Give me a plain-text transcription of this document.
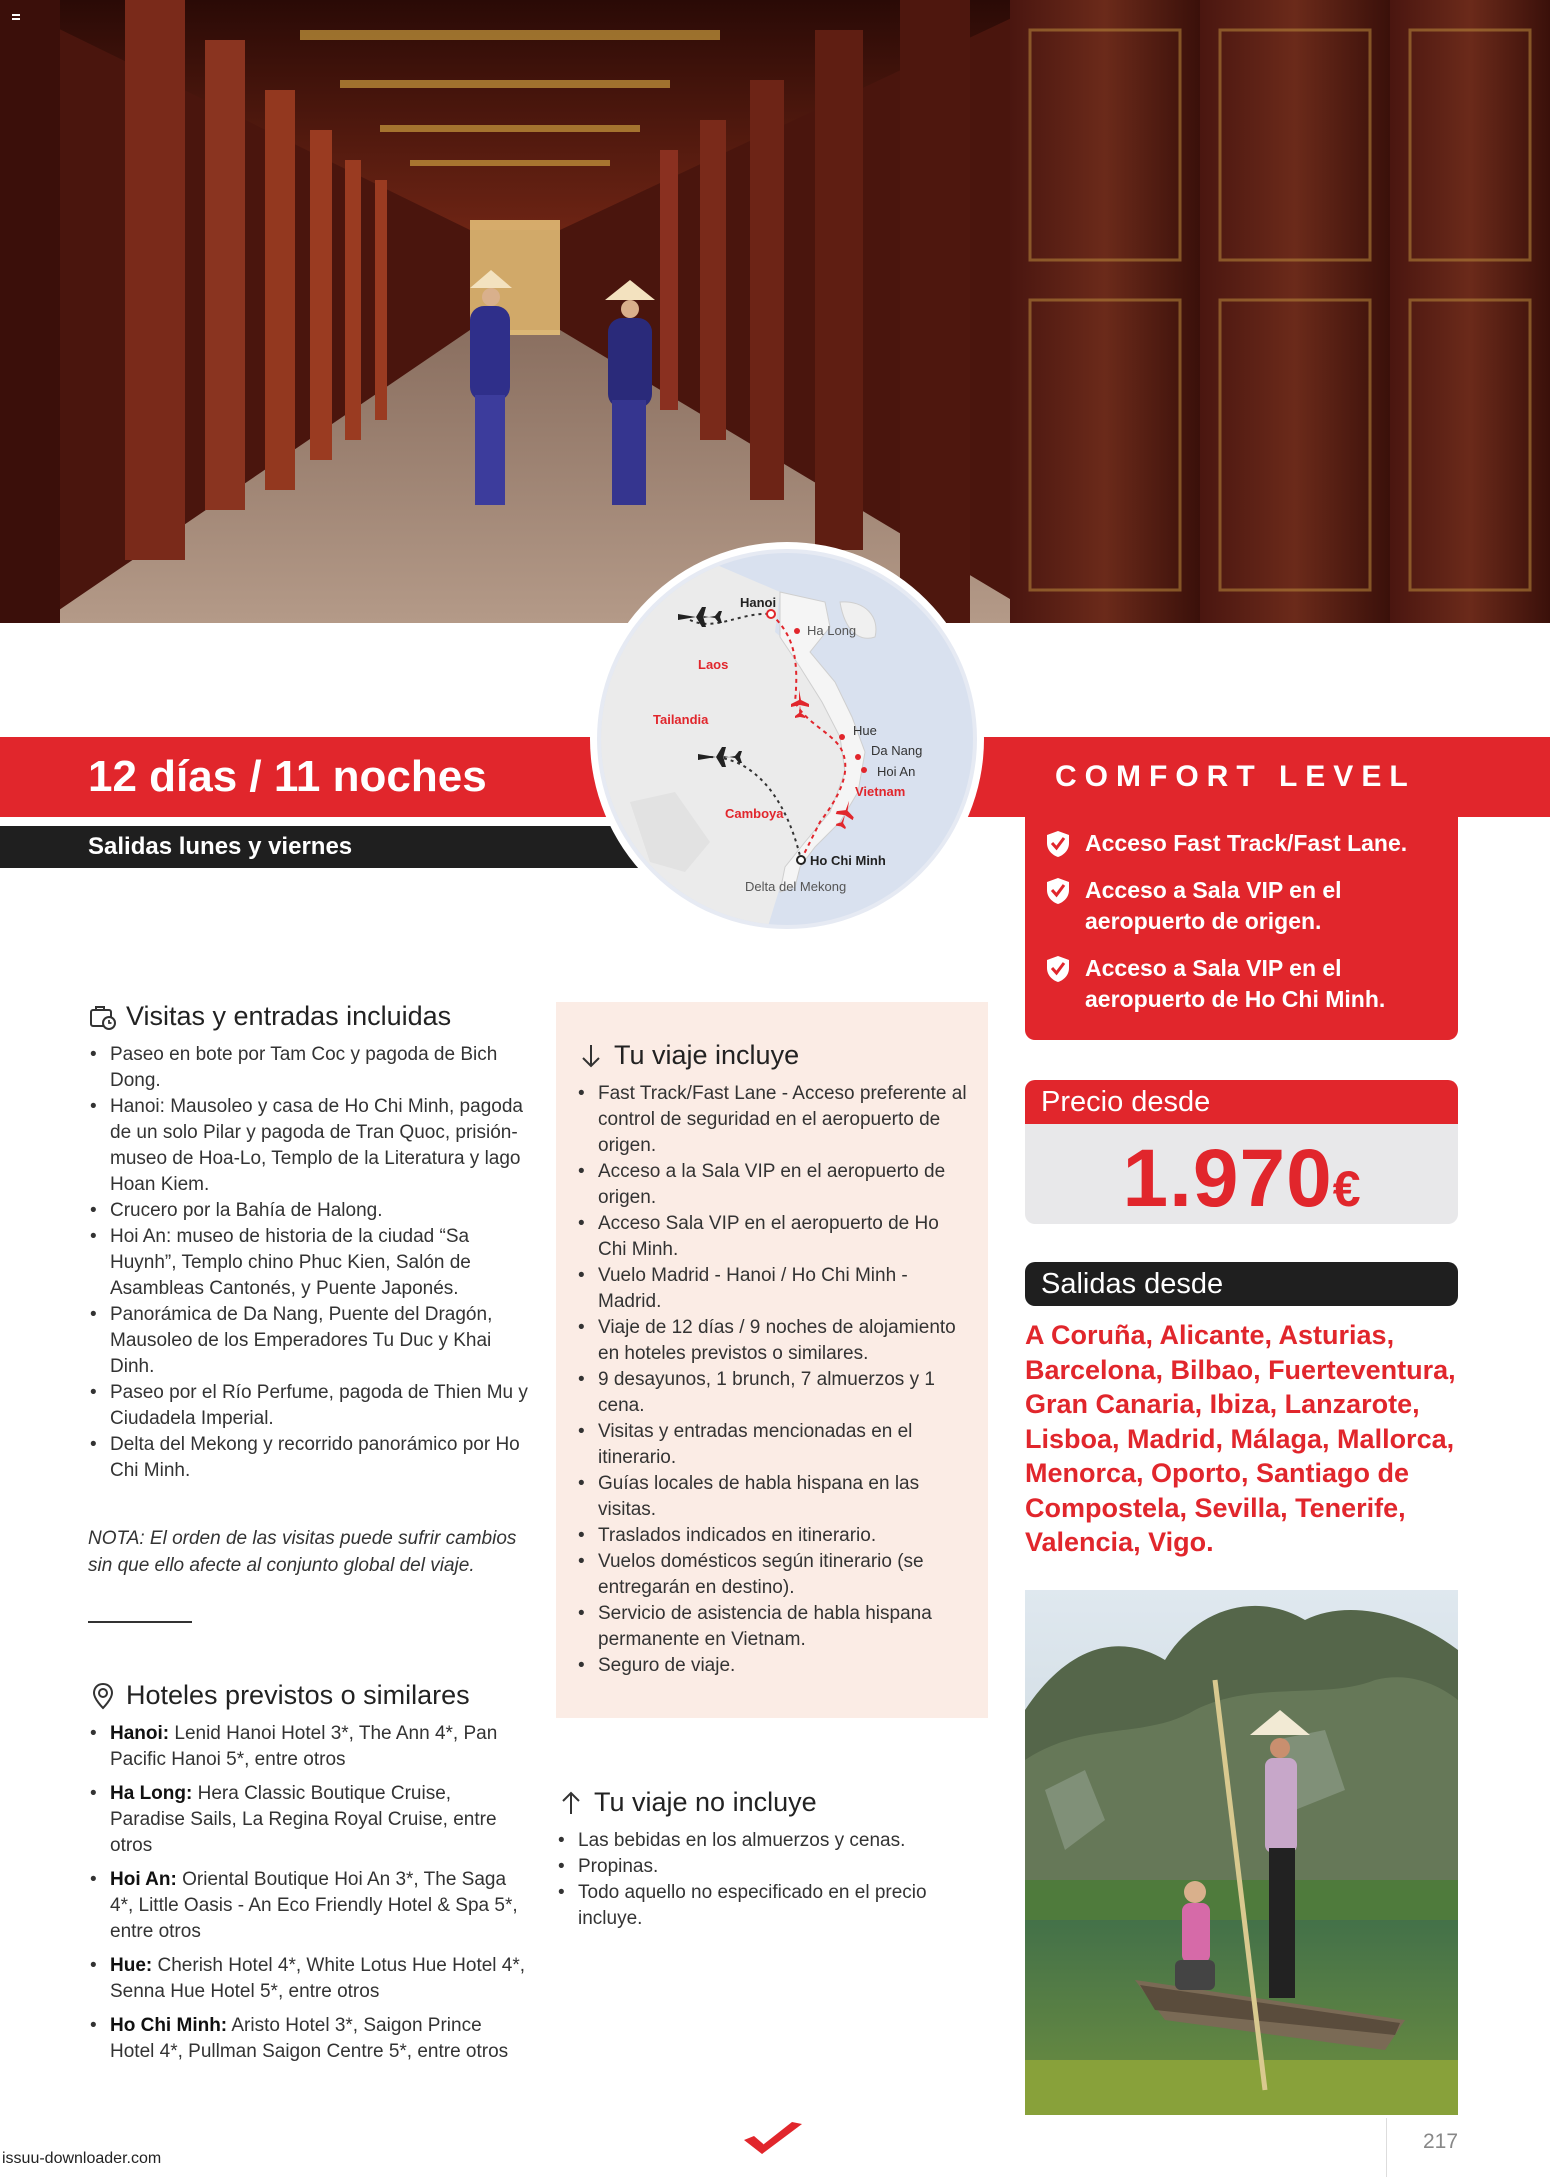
12 días / 11 noches
Salidas lunes y viernes
COMFORT LEVEL
Acceso Fast Track/Fast Lane.
Acceso a Sala VIP en el aeropuerto de origen.
Acceso a Sala VIP en el aeropuerto de Ho Chi Minh.
Hanoi
Ha Long
Laos
Tailandia
Hue
Da Nang
Hoi An
Vietnam
Camboya
Ho Chi Minh
Delta del Mekong
Visitas y entradas incluidas
• Paseo en bote por Tam Coc y pagoda de Bich Dong.
• Hanoi: Mausoleo y casa de Ho Chi Minh, pagoda de un solo Pilar y pagoda de Tran Quoc, prisión-museo de Hoa-Lo, Templo de la Literatura y lago Hoan Kiem.
• Crucero por la Bahía de Halong.
• Hoi An: museo de historia de la ciudad “Sa Huynh”, Templo chino Phuc Kien, Salón de Asambleas Cantonés, y Puente Japonés.
• Panorámica de Da Nang, Puente del Dragón, Mausoleo de los Emperadores Tu Duc y Khai Dinh.
• Paseo por el Río Perfume, pagoda de Thien Mu y Ciudadela Imperial.
• Delta del Mekong y recorrido panorámico por Ho Chi Minh.
NOTA: El orden de las visitas puede sufrir cambios sin que ello afecte al conjunto global del viaje.
Hoteles previstos o similares
• Hanoi: Lenid Hanoi Hotel 3*, The Ann 4*, Pan Pacific Hanoi 5*, entre otros
• Ha Long: Hera Classic Boutique Cruise, Paradise Sails, La Regina Royal Cruise, entre otros
• Hoi An: Oriental Boutique Hoi An 3*, The Saga 4*, Little Oasis - An Eco Friendly Hotel & Spa 5*, entre otros
• Hue: Cherish Hotel 4*, White Lotus Hue Hotel 4*, Senna Hue Hotel 5*, entre otros
• Ho Chi Minh: Aristo Hotel 3*, Saigon Prince Hotel 4*, Pullman Saigon Centre 5*, entre otros
Tu viaje incluye
• Fast Track/Fast Lane - Acceso preferente al control de seguridad en el aeropuerto de origen.
• Acceso a la Sala VIP en el aeropuerto de origen.
• Acceso Sala VIP en el aeropuerto de Ho Chi Minh.
• Vuelo Madrid - Hanoi / Ho Chi Minh - Madrid.
• Viaje de 12 días / 9 noches de alojamiento en hoteles previstos o similares.
• 9 desayunos, 1 brunch, 7 almuerzos y 1 cena.
• Visitas y entradas mencionadas en el itinerario.
• Guías locales de habla hispana en las visitas.
• Traslados indicados en itinerario.
• Vuelos domésticos según itinerario (se entregarán en destino).
• Servicio de asistencia de habla hispana permanente en Vietnam.
• Seguro de viaje.
Tu viaje no incluye
• Las bebidas en los almuerzos y cenas.
• Propinas.
• Todo aquello no especificado en el precio incluye.
Precio desde
1.970€
Salidas desde
A Coruña, Alicante, Asturias, Barcelona, Bilbao, Fuerteventura, Gran Canaria, Ibiza, Lanzarote, Lisboa, Madrid, Málaga, Mallorca, Menorca, Oporto, Santiago de Compostela, Sevilla, Tenerife, Valencia, Vigo.
217
issuu-downloader.com
